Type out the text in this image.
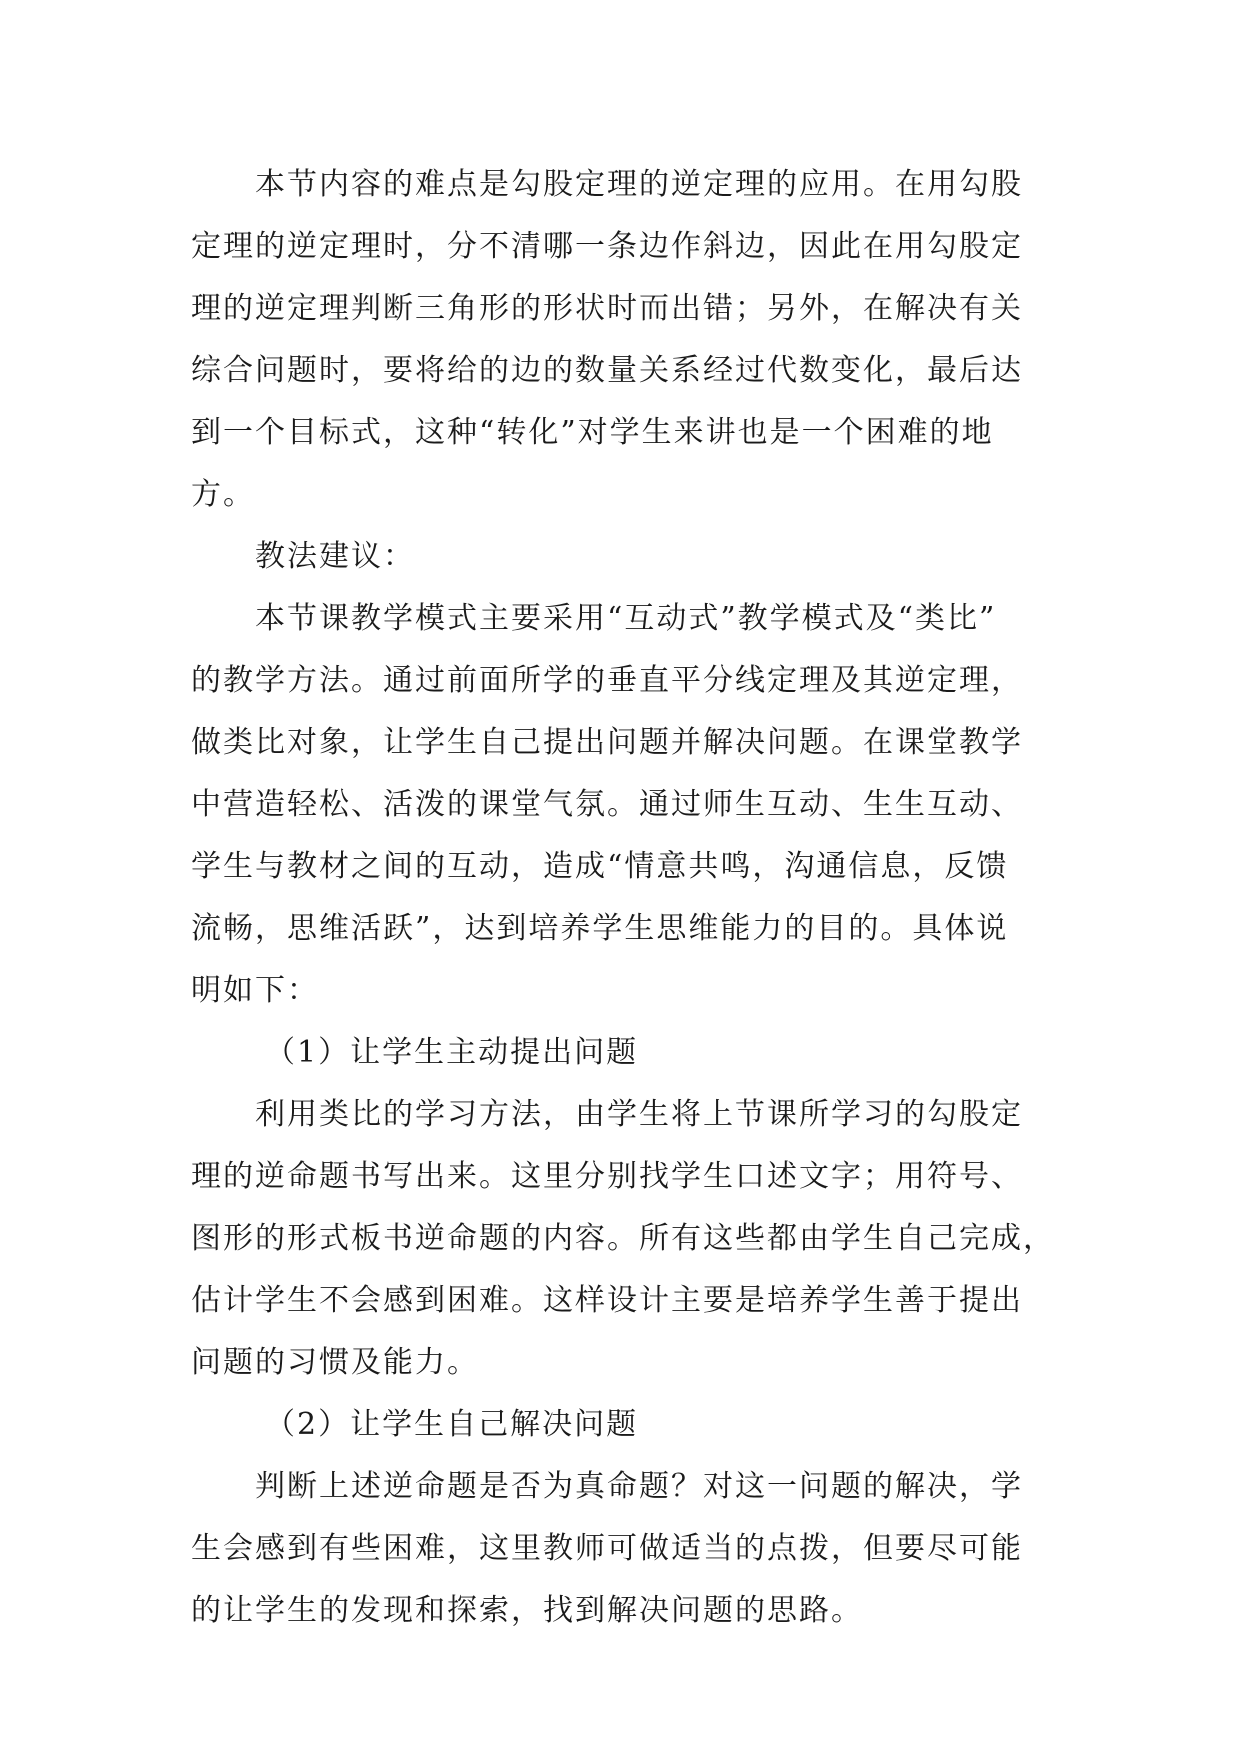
本节内容的难点是勾股定理的逆定理的应用。在用勾股
定理的逆定理时，分不清哪一条边作斜边，因此在用勾股定
理的逆定理判断三角形的形状时而出错；另外，在解决有关
综合问题时，要将给的边的数量关系经过代数变化，最后达
到一个目标式，这种“转化”对学生来讲也是一个困难的地
方。
教法建议：
本节课教学模式主要采用“互动式”教学模式及“类比”
的教学方法。通过前面所学的垂直平分线定理及其逆定理，
做类比对象，让学生自己提出问题并解决问题。在课堂教学
中营造轻松、活泼的课堂气氛。通过师生互动、生生互动、
学生与教材之间的互动，造成“情意共鸣，沟通信息，反馈
流畅，思维活跃”，达到培养学生思维能力的目的。具体说
明如下：
（1）让学生主动提出问题
利用类比的学习方法，由学生将上节课所学习的勾股定
理的逆命题书写出来。这里分别找学生口述文字；用符号、
图形的形式板书逆命题的内容。所有这些都由学生自己完成，
估计学生不会感到困难。这样设计主要是培养学生善于提出
问题的习惯及能力。
（2）让学生自己解决问题
判断上述逆命题是否为真命题？对这一问题的解决，学
生会感到有些困难，这里教师可做适当的点拨，但要尽可能
的让学生的发现和探索，找到解决问题的思路。
